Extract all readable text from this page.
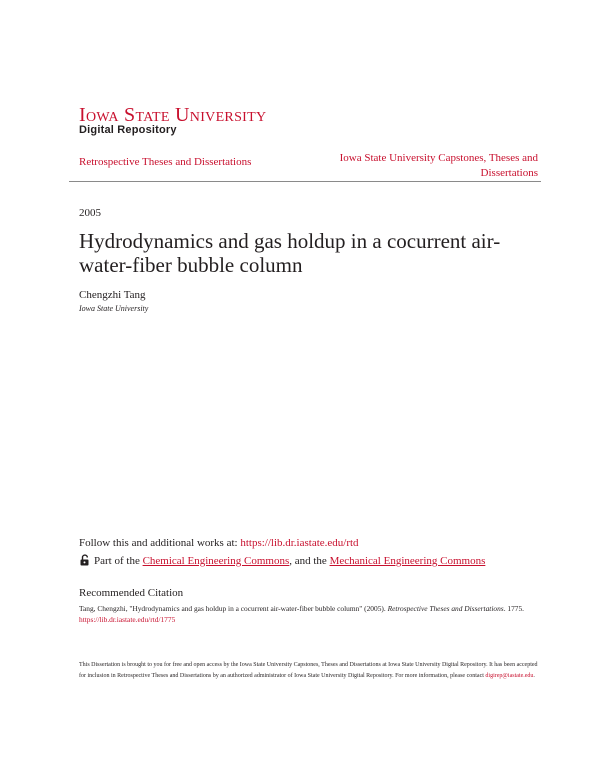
Iowa State University
Digital Repository
Retrospective Theses and Dissertations	Iowa State University Capstones, Theses and Dissertations
2005
Hydrodynamics and gas holdup in a cocurrent air-water-fiber bubble column
Chengzhi Tang
Iowa State University
Follow this and additional works at: https://lib.dr.iastate.edu/rtd
Part of the Chemical Engineering Commons, and the Mechanical Engineering Commons
Recommended Citation
Tang, Chengzhi, "Hydrodynamics and gas holdup in a cocurrent air-water-fiber bubble column" (2005). Retrospective Theses and Dissertations. 1775.
https://lib.dr.iastate.edu/rtd/1775
This Dissertation is brought to you for free and open access by the Iowa State University Capstones, Theses and Dissertations at Iowa State University Digital Repository. It has been accepted for inclusion in Retrospective Theses and Dissertations by an authorized administrator of Iowa State University Digital Repository. For more information, please contact digirep@iastate.edu.
